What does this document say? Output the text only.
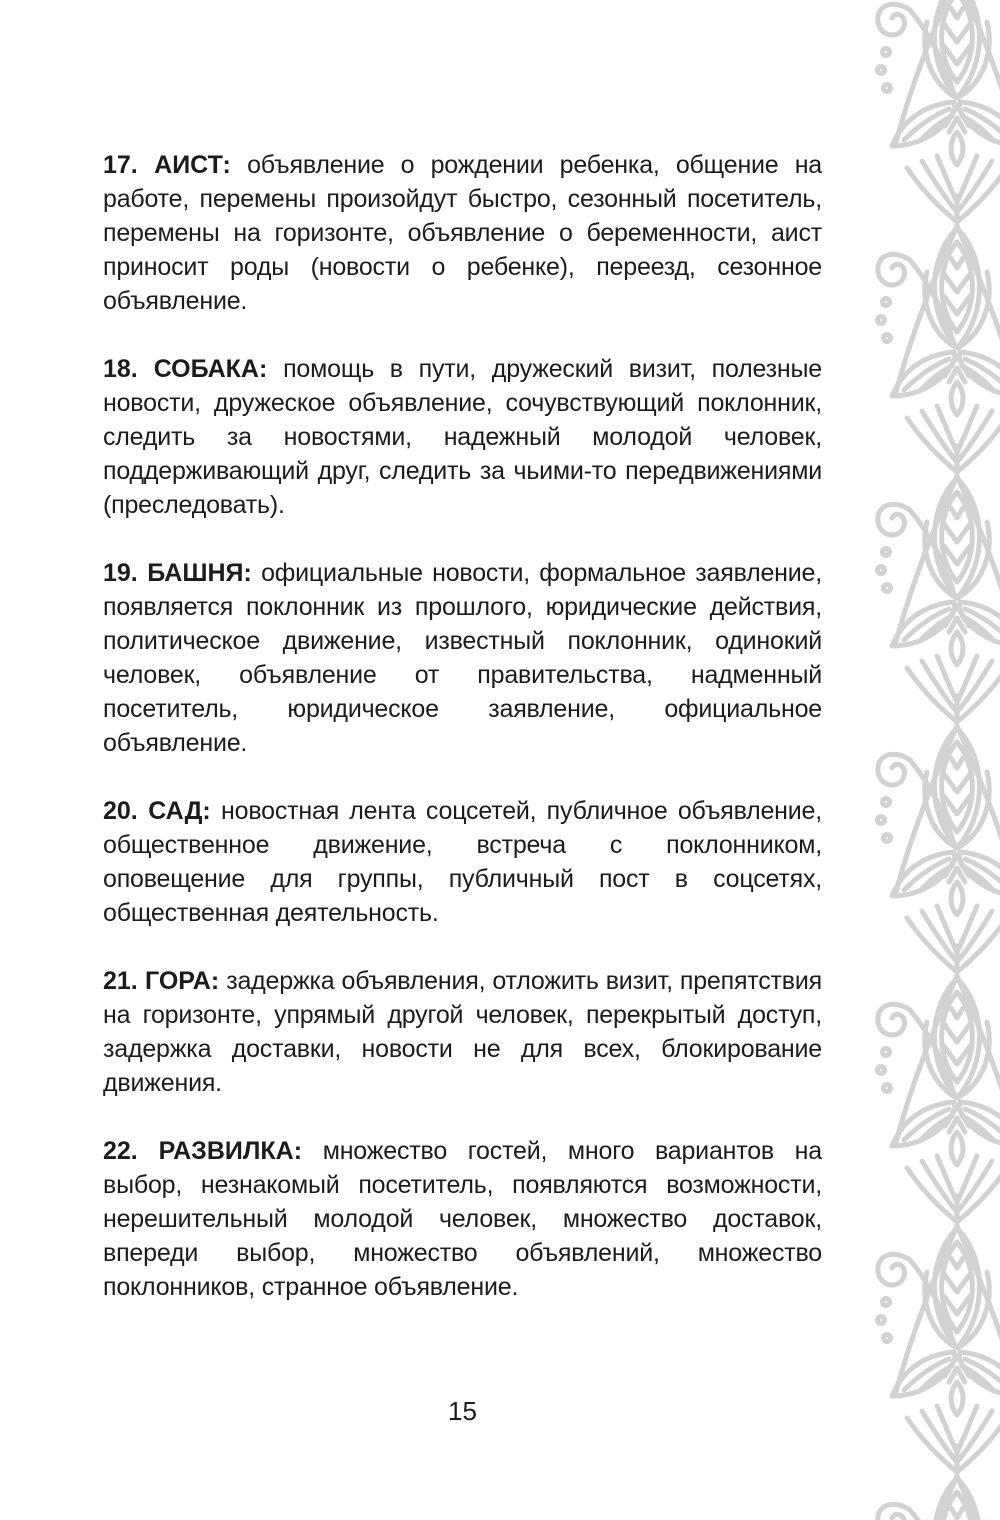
17. АИСТ: объявление о рождении ребенка, общение на работе, перемены произойдут быстро, сезонный посетитель, перемены на горизонте, объявление о беременности, аист приносит роды (новости о ребенке), переезд, сезонное объявление.

18. СОБАКА: помощь в пути, дружеский визит, полезные новости, дружеское объявление, сочувствующий поклонник, следить за новостями, надежный молодой человек, поддерживающий друг, следить за чьими-то передвижениями (преследовать).

19. БАШНЯ: официальные новости, формальное заявление, появляется поклонник из прошлого, юридические действия, политическое движение, известный поклонник, одинокий человек, объявление от правительства, надменный посетитель, юридическое заявление, официальное объявление.

20. САД: новостная лента соцсетей, публичное объявление, общественное движение, встреча с поклонником, оповещение для группы, публичный пост в соцсетях, общественная деятельность.

21. ГОРА: задержка объявления, отложить визит, препятствия на горизонте, упрямый другой человек, перекрытый доступ, задержка доставки, новости не для всех, блокирование движения.

22. РАЗВИЛКА: множество гостей, много вариантов на выбор, незнакомый посетитель, появляются возможности, нерешительный молодой человек, множество доставок, впереди выбор, множество объявлений, множество поклонников, странное объявление.

15
